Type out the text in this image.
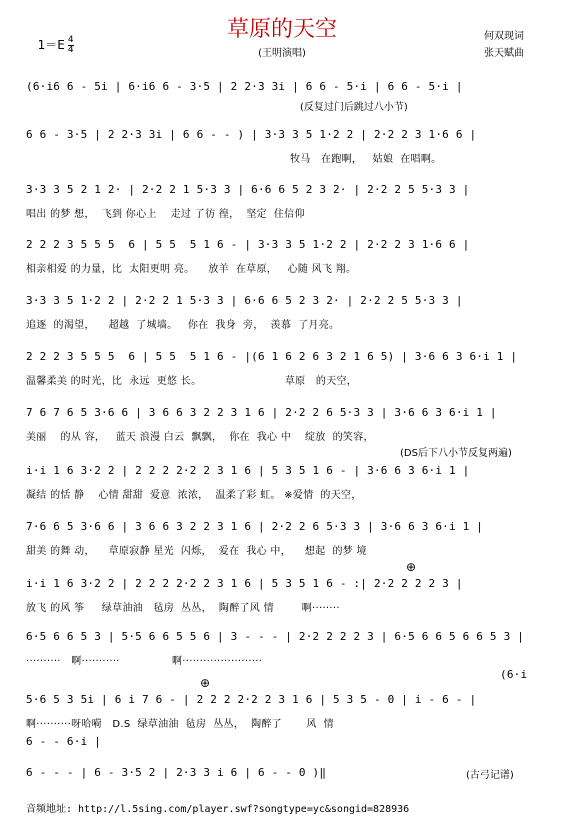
$1=E \frac{4}{4}$

草原的天空
(王明演唱)
何双现词
张天赋曲
(6·i6 6 - 5i | 6·i6 6 - 3·5 | 2 2·3 3i | 6 6 - 5·i | 6 6 - 5·i |
(反复过门后跳过八小节)
6 6 - 3·5 | 2 2·3 3i | 6 6 - - ) | 3·3 3 5 1·2 2 | 2·2 2 3 1·6 6 |
牧马   在跑啊，   姑娘  在唱啊。
3·3 3 5 2 1 2· | 2·2 2 1 5·3 3 | 6·6 6 5 2 3 2· | 2·2 2 5 5·3 3 |
唱出 的梦 想，  飞到 你心上    走过 了彷 徨，  坚定  住信仰
2 2 2 3 5 5 5  6 | 5 5  5 1 6 - | 3·3 3 5 1·2 2 | 2·2 2 3 1·6 6 |
相亲相爱 的力量，比  太阳更明 亮。    放羊  在草原，   心随 风飞 翔。
3·3 3 5 1·2 2 | 2·2 2 1 5·3 3 | 6·6 6 5 2 3 2· | 2·2 2 5 5·3 3 |
追逐  的渴望，    超越  了城墙。   你在  我身  旁，  羡慕  了月亮。
2 2 2 3 5 5 5  6 | 5 5  5 1 6 - |(6 1 6 2 6 3 2 1 6 5) | 3·6 6 3 6·i 1 |
温馨柔美 的时光，比  永远  更悠 长。                        草原   的天空，
7 6 7 6 5 3·6 6 | 3 6 6 3 2 2 3 1 6 | 2·2 2 6 5·3 3 | 3·6 6 3 6·i 1 |
美丽    的从 容，   蓝天 浪漫 白云  飘飘，  你在  我心 中    绽放  的笑容，
(DS后下八小节反复两遍)
i·i 1 6 3·2 2 | 2 2 2 2·2 2 3 1 6 | 5 3 5 1 6 - | 3·6 6 3 6·i 1 |
凝结 的恬 静    心情 甜甜  爱意  浓浓，  温柔了彩 虹。 ※爱情  的天空，
7·6 6 5 3·6 6 | 3 6 6 3 2 2 3 1 6 | 2·2 2 6 5·3 3 | 3·6 6 3 6·i 1 |
甜美 的舞 动，    草原寂静 星光  闪烁，  爱在  我心 中，    想起  的梦 境
⊕
i·i 1 6 3·2 2 | 2 2 2 2·2 2 3 1 6 | 5 3 5 1 6 - :| 2·2 2 2 2 3 |
放飞 的风 筝     绿草油油   毡房  丛丛，  陶醉了风 情        啊········
6·5 6 6 5 3 | 5·5 6 6 5 5 6 | 3 - - - | 2·2 2 2 2 3 | 6·5 6 6 5 6 6 5 3 |
··········   啊···········               啊·······················
(6·i
⊕
5·6 5 3 5i | 6 i 7 6 - | 2 2 2 2·2 2 3 1 6 | 5 3 5 - 0 | i - 6 - |
啊··········呀哈嗬   D.S  绿草油油  毡房  丛丛，  陶醉了       风  情
6 - - 6·i |
6 - - - | 6 - 3·5 2 | 2·3 3 i 6 | 6 - - 0 )‖	(古弓记谱)
音频地址: http://l.5sing.com/player.swf?songtype=yc&songid=828936
